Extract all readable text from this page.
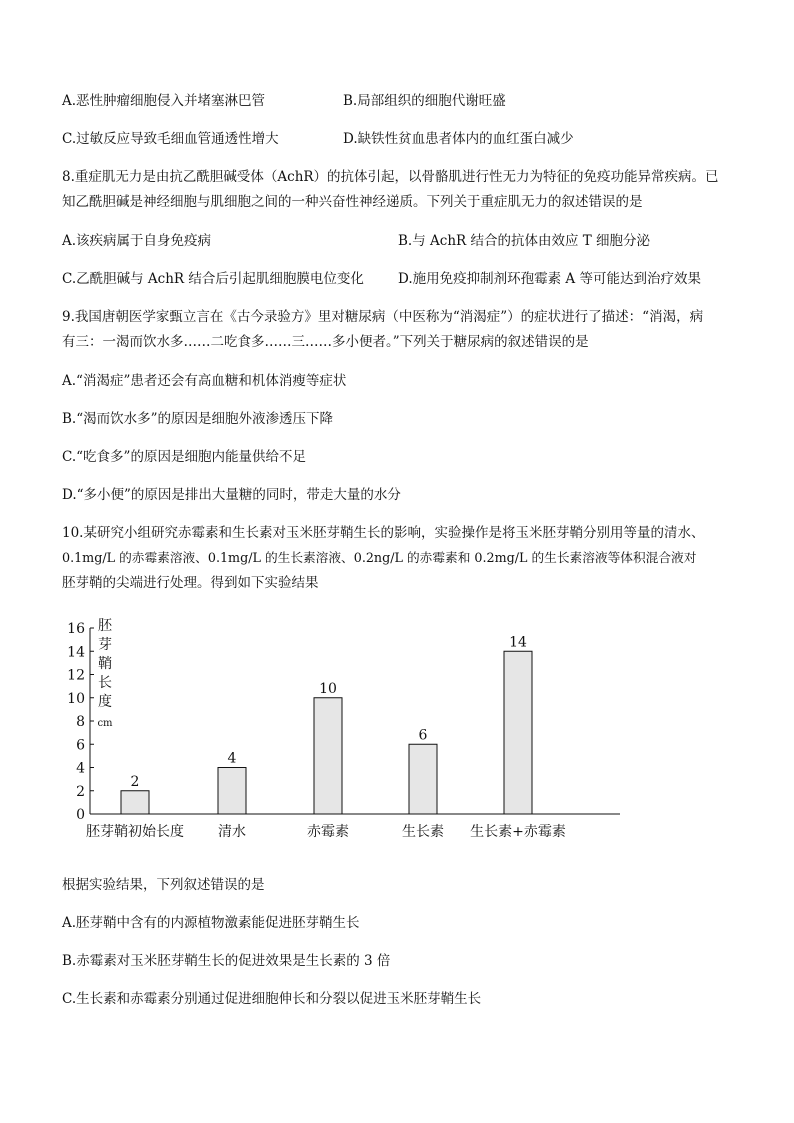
A.恶性肿瘤细胞侵入并堵塞淋巴管	B.局部组织的细胞代谢旺盛
C.过敏反应导致毛细血管通透性增大	D.缺铁性贫血患者体内的血红蛋白减少
8.重症肌无力是由抗乙酰胆碱受体（AchR）的抗体引起，以骨骼肌进行性无力为特征的免疫功能异常疾病。已
知乙酰胆碱是神经细胞与肌细胞之间的一种兴奋性神经递质。下列关于重症肌无力的叙述错误的是
A.该疾病属于自身免疫病	B.与 AchR 结合的抗体由效应 T 细胞分泌
C.乙酰胆碱与 AchR 结合后引起肌细胞膜电位变化	D.施用免疫抑制剂环孢霉素 A 等可能达到治疗效果
9.我国唐朝医学家甄立言在《古今录验方》里对糖尿病（中医称为“消渴症”）的症状进行了描述：“消渴，病
有三：一渴而饮水多……二吃食多……三……多小便者。”下列关于糖尿病的叙述错误的是
A.“消渴症”患者还会有高血糖和机体消瘦等症状
B.“渴而饮水多”的原因是细胞外液渗透压下降
C.“吃食多”的原因是细胞内能量供给不足
D.“多小便”的原因是排出大量糖的同时，带走大量的水分
10.某研究小组研究赤霉素和生长素对玉米胚芽鞘生长的影响，实验操作是将玉米胚芽鞘分别用等量的清水、
0.1mg/L 的赤霉素溶液、0.1mg/L 的生长素溶液、0.2ng/L 的赤霉素和 0.2mg/L 的生长素溶液等体积混合液对
胚芽鞘的尖端进行处理。得到如下实验结果
0
2
4
6
8
10
12
14
16 胚
芽
鞘
长
度
cm
2
胚芽鞘初始长度
4
清水
10
赤霉素
6
生长素
14
生长素+赤霉素
根据实验结果，下列叙述错误的是
A.胚芽鞘中含有的内源植物激素能促进胚芽鞘生长
B.赤霉素对玉米胚芽鞘生长的促进效果是生长素的 3 倍
C.生长素和赤霉素分别通过促进细胞伸长和分裂以促进玉米胚芽鞘生长
